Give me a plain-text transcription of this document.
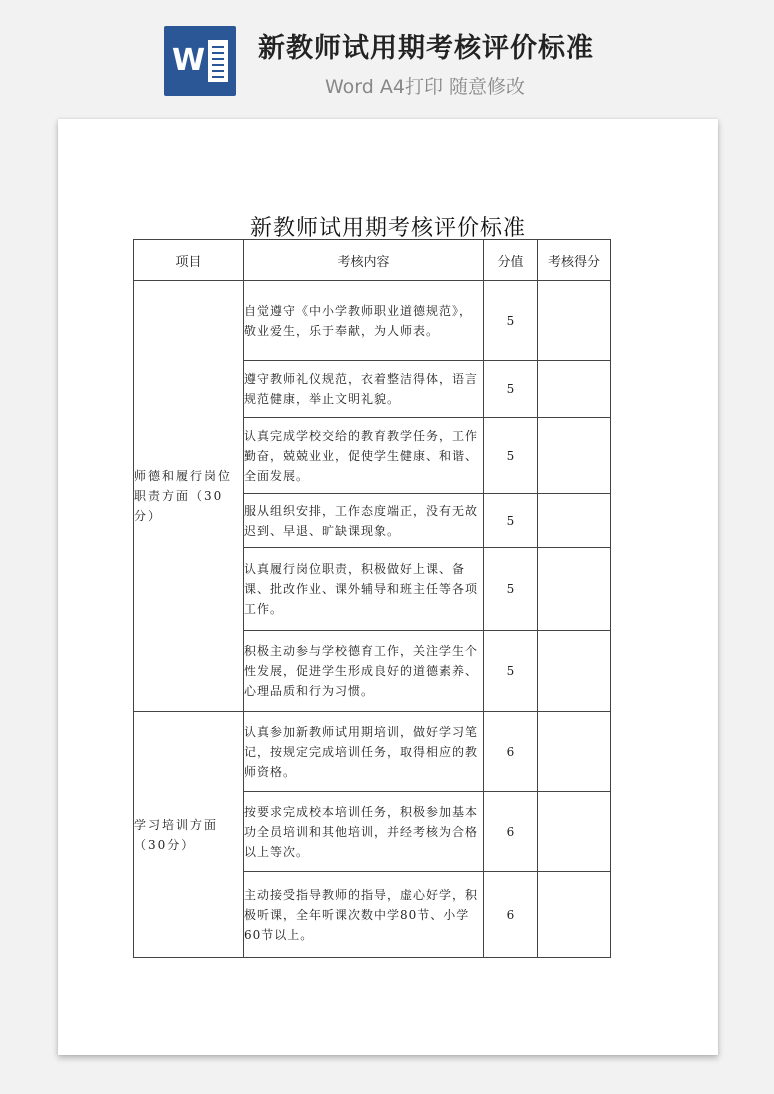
W 新教师试用期考核评价标准
Word A4打印 随意修改
新教师试用期考核评价标准
项目	考核内容	分值	考核得分
师德和履行岗位职责方面（30分）	自觉遵守《中小学教师职业道德规范》，敬业爱生，乐于奉献，为人师表。	5	
	遵守教师礼仪规范，衣着整洁得体，语言规范健康，举止文明礼貌。	5	
	认真完成学校交给的教育教学任务，工作勤奋，兢兢业业，促使学生健康、和谐、全面发展。	5	
	服从组织安排，工作态度端正，没有无故迟到、早退、旷缺课现象。	5	
	认真履行岗位职责，积极做好上课、备课、批改作业、课外辅导和班主任等各项工作。	5	
	积极主动参与学校德育工作，关注学生个性发展，促进学生形成良好的道德素养、心理品质和行为习惯。	5	
学习培训方面（30分）	认真参加新教师试用期培训，做好学习笔记，按规定完成培训任务，取得相应的教师资格。	6	
	按要求完成校本培训任务，积极参加基本功全员培训和其他培训，并经考核为合格以上等次。	6	
	主动接受指导教师的指导，虚心好学，积极听课，全年听课次数中学80节、小学60节以上。	6	
